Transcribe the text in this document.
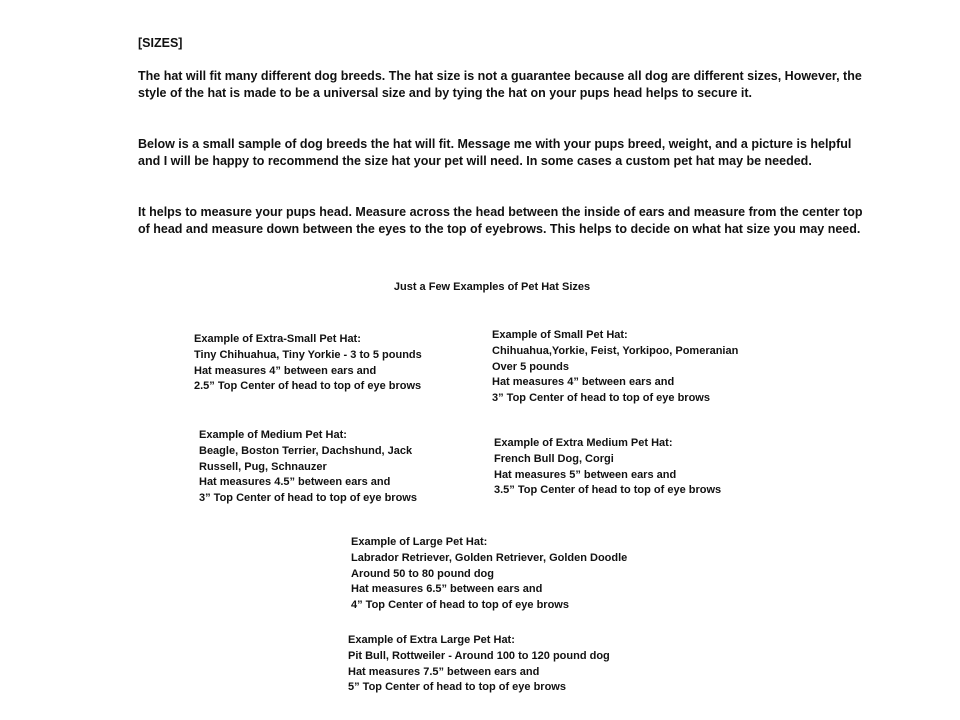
[SIZES]

The hat will fit many different dog breeds. The hat size is not a guarantee because all dog are different sizes, However, the style of the hat is made to be a universal size and by tying the hat on your pups head helps to secure it.

Below is a small sample of dog breeds the hat will fit. Message me with your pups breed, weight, and a picture is helpful and I will be happy to recommend the size hat your pet will need. In some cases a custom pet hat may be needed.

It helps to measure your pups head. Measure across the head between the inside of ears and measure from the center top of head and measure down between the eyes to the top of eyebrows. This helps to decide on what hat size you may need.

Just a Few Examples of Pet Hat Sizes

Example of Extra-Small Pet Hat:
Tiny Chihuahua, Tiny Yorkie - 3 to 5 pounds
Hat measures 4” between ears and
2.5” Top Center of head to top of eye brows
Example of Small Pet Hat:
Chihuahua,Yorkie, Feist, Yorkipoo, Pomeranian
Over 5 pounds
Hat measures 4” between ears and
3” Top Center of head to top of eye brows
Example of Medium Pet Hat:
Beagle, Boston Terrier, Dachshund, Jack
Russell, Pug, Schnauzer
Hat measures 4.5” between ears and
3” Top Center of head to top of eye brows
Example of Extra Medium Pet Hat:
French Bull Dog, Corgi
Hat measures 5” between ears and
3.5” Top Center of head to top of eye brows
Example of Large Pet Hat:
Labrador Retriever, Golden Retriever, Golden Doodle
Around 50 to 80 pound dog
Hat measures 6.5” between ears and
4” Top Center of head to top of eye brows
Example of Extra Large Pet Hat:
Pit Bull, Rottweiler - Around 100 to 120 pound dog
Hat measures 7.5” between ears and
5” Top Center of head to top of eye brows
